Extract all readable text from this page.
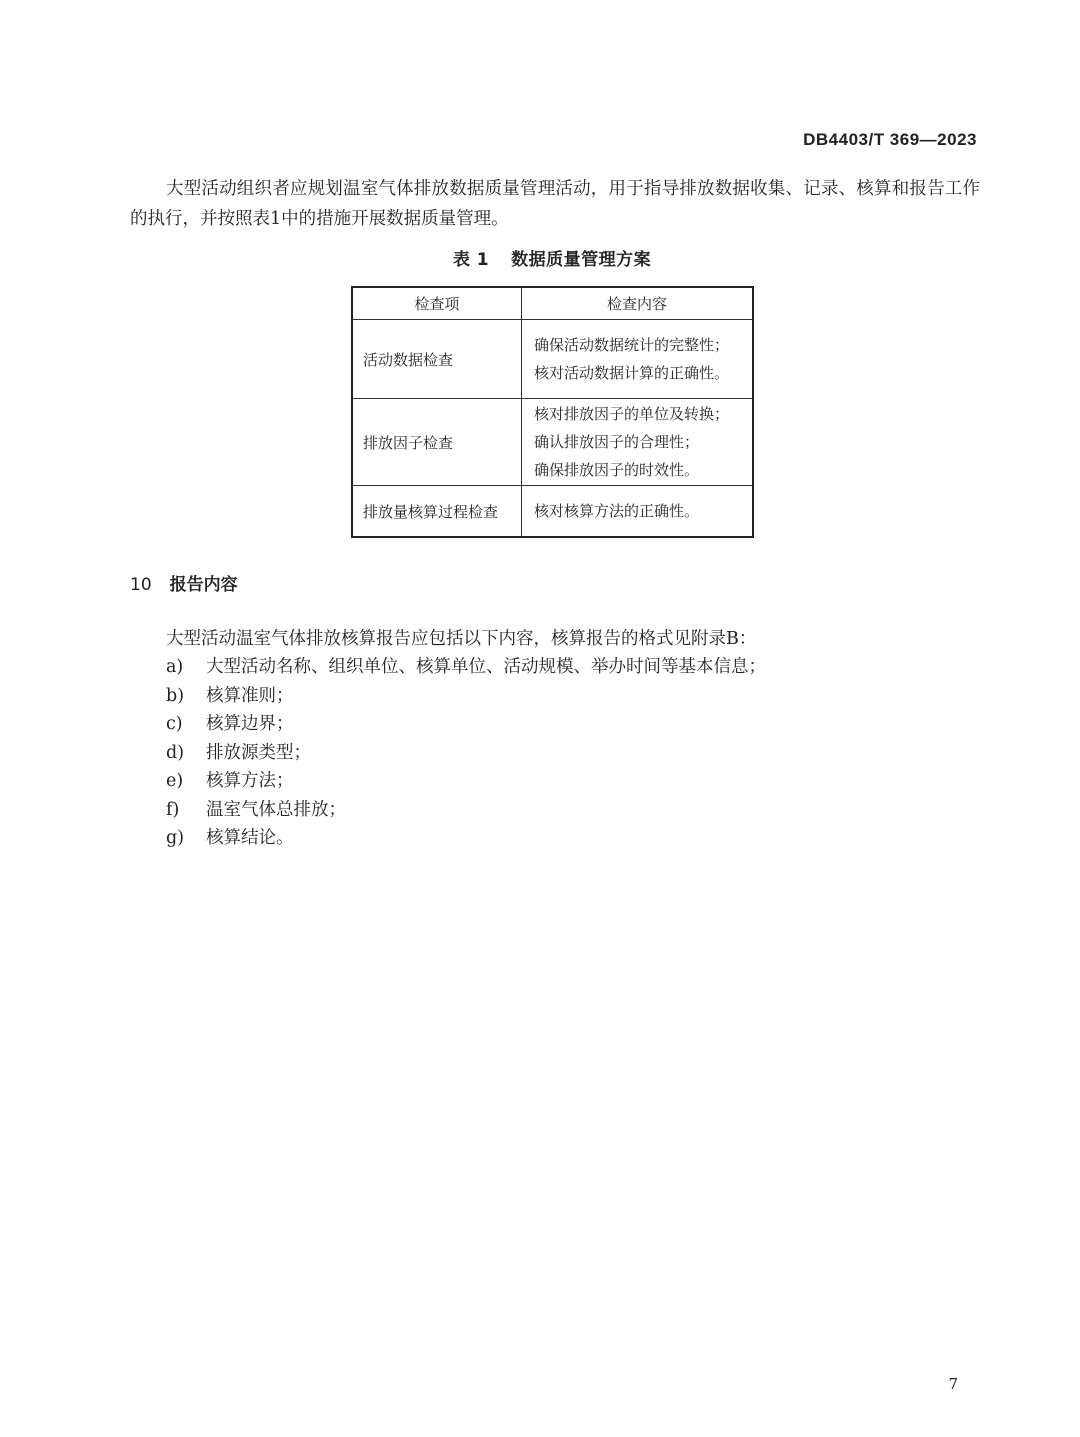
DB4403/T 369—2023

大型活动组织者应规划温室气体排放数据质量管理活动，用于指导排放数据收集、记录、核算和报告工作的执行，并按照表1中的措施开展数据质量管理。

表 1 数据质量管理方案
检查项	检查内容
活动数据检查	确保活动数据统计的完整性；
核对活动数据计算的正确性。

排放因子检查	核对排放因子的单位及转换；
确认排放因子的合理性；
确保排放因子的时效性。

排放量核算过程检查	核对核算方法的正确性。
10 报告内容

大型活动温室气体排放核算报告应包括以下内容，核算报告的格式见附录B：

a) 大型活动名称、组织单位、核算单位、活动规模、举办时间等基本信息；
b) 核算准则；
c) 核算边界；
d) 排放源类型；
e) 核算方法；
f) 温室气体总排放；
g) 核算结论。
7
